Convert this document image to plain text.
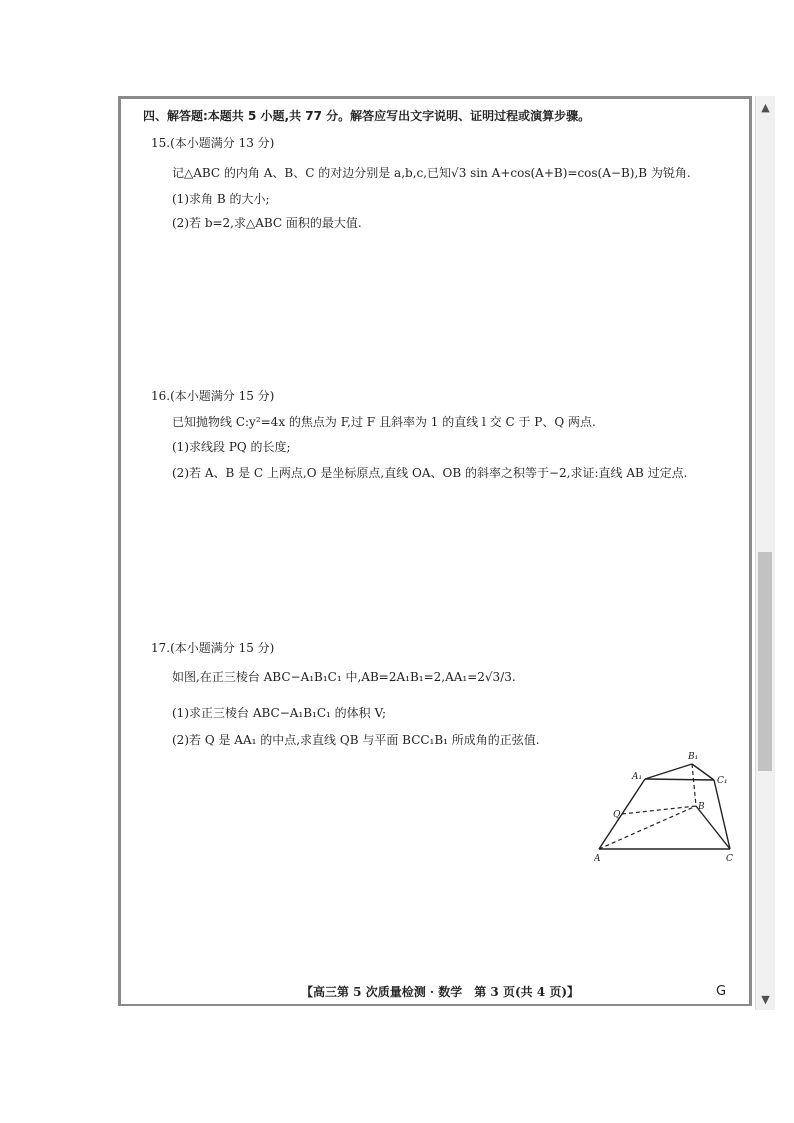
四、解答题:本题共 5 小题,共 77 分。解答应写出文字说明、证明过程或演算步骤。
15.(本小题满分 13 分)
记△ABC 的内角 A、B、C 的对边分别是 a,b,c,已知√3 sin A+cos(A+B)=cos(A−B),B 为锐角.
(1)求角 B 的大小;
(2)若 b=2,求△ABC 面积的最大值.
16.(本小题满分 15 分)
已知抛物线 C:y²=4x 的焦点为 F,过 F 且斜率为 1 的直线 l 交 C 于 P、Q 两点.
(1)求线段 PQ 的长度;
(2)若 A、B 是 C 上两点,O 是坐标原点,直线 OA、OB 的斜率之积等于−2,求证:直线 AB 过定点.
17.(本小题满分 15 分)
如图,在正三棱台 ABC−A₁B₁C₁ 中,AB=2A₁B₁=2,AA₁=2√3/3.
(1)求正三棱台 ABC−A₁B₁C₁ 的体积 V;
(2)若 Q 是 AA₁ 的中点,求直线 QB 与平面 BCC₁B₁ 所成角的正弦值.
A	C
B
A₁
B₁
C₁
Q
【高三第 5 次质量检测 · 数学　第 3 页(共 4 页)】	G
▲
▼
